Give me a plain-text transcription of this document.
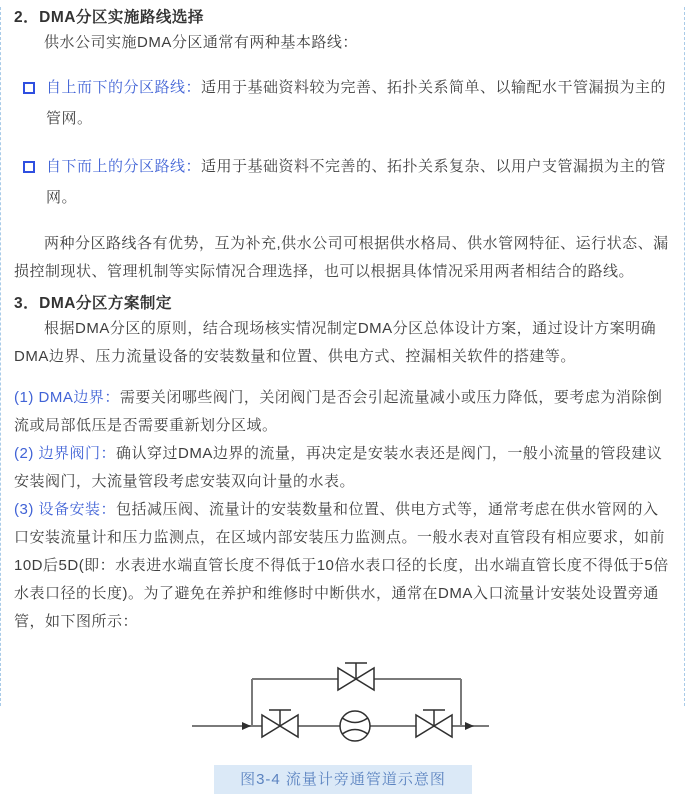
2．DMA分区实施路线选择

供水公司实施DMA分区通常有两种基本路线：

自上而下的分区路线：适用于基础资料较为完善、拓扑关系简单、以输配水干管漏损为主的管网。
自下而上的分区路线：适用于基础资料不完善的、拓扑关系复杂、以用户支管漏损为主的管网。

两种分区路线各有优势，互为补充,供水公司可根据供水格局、供水管网特征、运行状态、漏损控制现状、管理机制等实际情况合理选择，也可以根据具体情况采用两者相结合的路线。

3．DMA分区方案制定

根据DMA分区的原则，结合现场核实情况制定DMA分区总体设计方案，通过设计方案明确DMA边界、压力流量设备的安装数量和位置、供电方式、控漏相关软件的搭建等。

(1) DMA边界：需要关闭哪些阀门，关闭阀门是否会引起流量减小或压力降低，要考虑为消除倒流或局部低压是否需要重新划分区域。

(2) 边界阀门：确认穿过DMA边界的流量，再决定是安装水表还是阀门，一般小流量的管段建议安装阀门，大流量管段考虑安装双向计量的水表。

(3) 设备安装：包括减压阀、流量计的安装数量和位置、供电方式等，通常考虑在供水管网的入口安装流量计和压力监测点，在区域内部安装压力监测点。一般水表对直管段有相应要求，如前10D后5D(即：水表进水端直管长度不得低于10倍水表口径的长度，出水端直管长度不得低于5倍水表口径的长度)。为了避免在养护和维修时中断供水，通常在DMA入口流量计安装处设置旁通管，如下图所示：

图3-4 流量计旁通管道示意图
